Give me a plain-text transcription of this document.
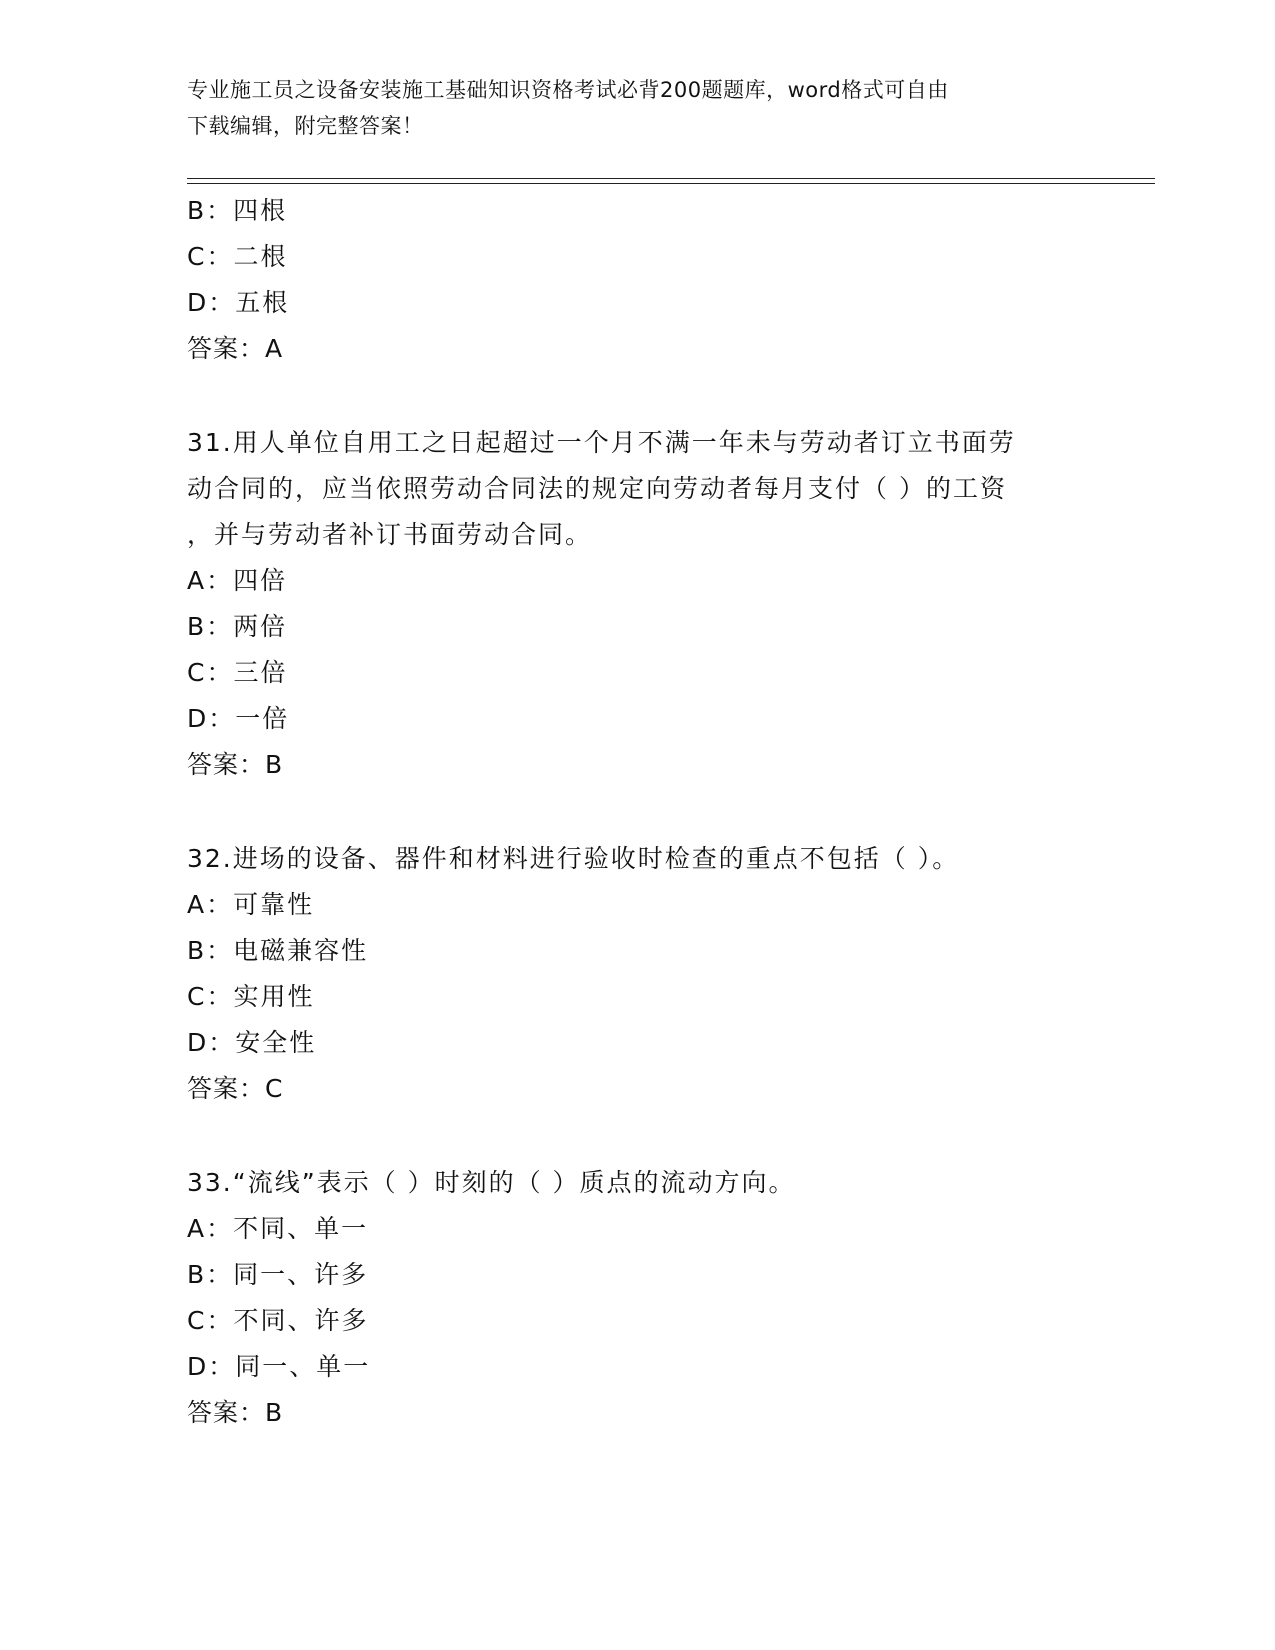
专业施工员之设备安装施工基础知识资格考试必背200题题库，word格式可自由
下载编辑，附完整答案！
B：四根
C：二根
D：五根
答案：A
31.用人单位自用工之日起超过一个月不满一年未与劳动者订立书面劳
动合同的，应当依照劳动合同法的规定向劳动者每月支付（ ）的工资
，并与劳动者补订书面劳动合同。
A：四倍
B：两倍
C：三倍
D：一倍
答案：B
32.进场的设备、器件和材料进行验收时检查的重点不包括（ ）。
A：可靠性
B：电磁兼容性
C：实用性
D：安全性
答案：C
33.“流线”表示（ ）时刻的（ ）质点的流动方向。
A：不同、单一
B：同一、许多
C：不同、许多
D：同一、单一
答案：B
